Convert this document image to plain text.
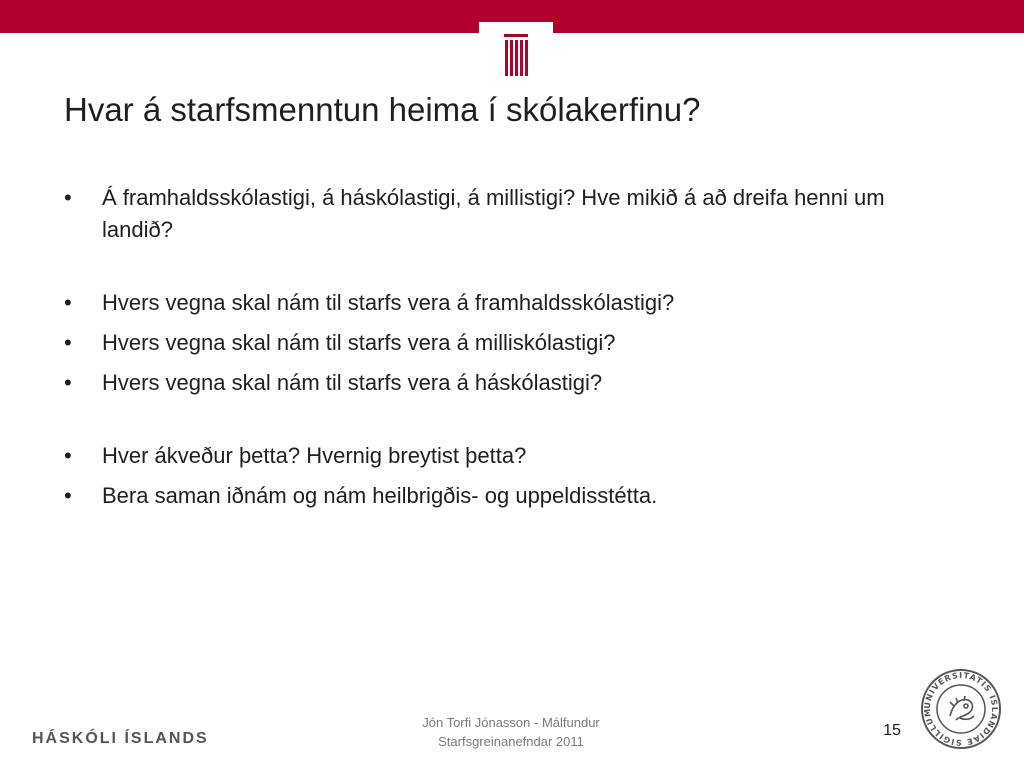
Hvar á starfsmenntun heima í skólakerfinu?
•	Á framhaldsskólastigi, á háskólastigi, á millistigi? Hve mikið á að dreifa henni um landið?
•	Hvers vegna skal nám til starfs vera á framhaldsskólastigi?
•	Hvers vegna skal nám til starfs vera á milliskólastigi?
•	Hvers vegna skal nám til starfs vera á háskólastigi?
•	Hver ákveður þetta? Hvernig breytist þetta?
•	Bera saman iðnám og nám heilbrigðis- og uppeldisstétta.
HÁSKÓLI ÍSLANDS
Jón Torfi Jónasson - Málfundur
Starfsgreinanefndar 2011
15
UNIVERSITATIS ISLANDIAE SIGILLUM
